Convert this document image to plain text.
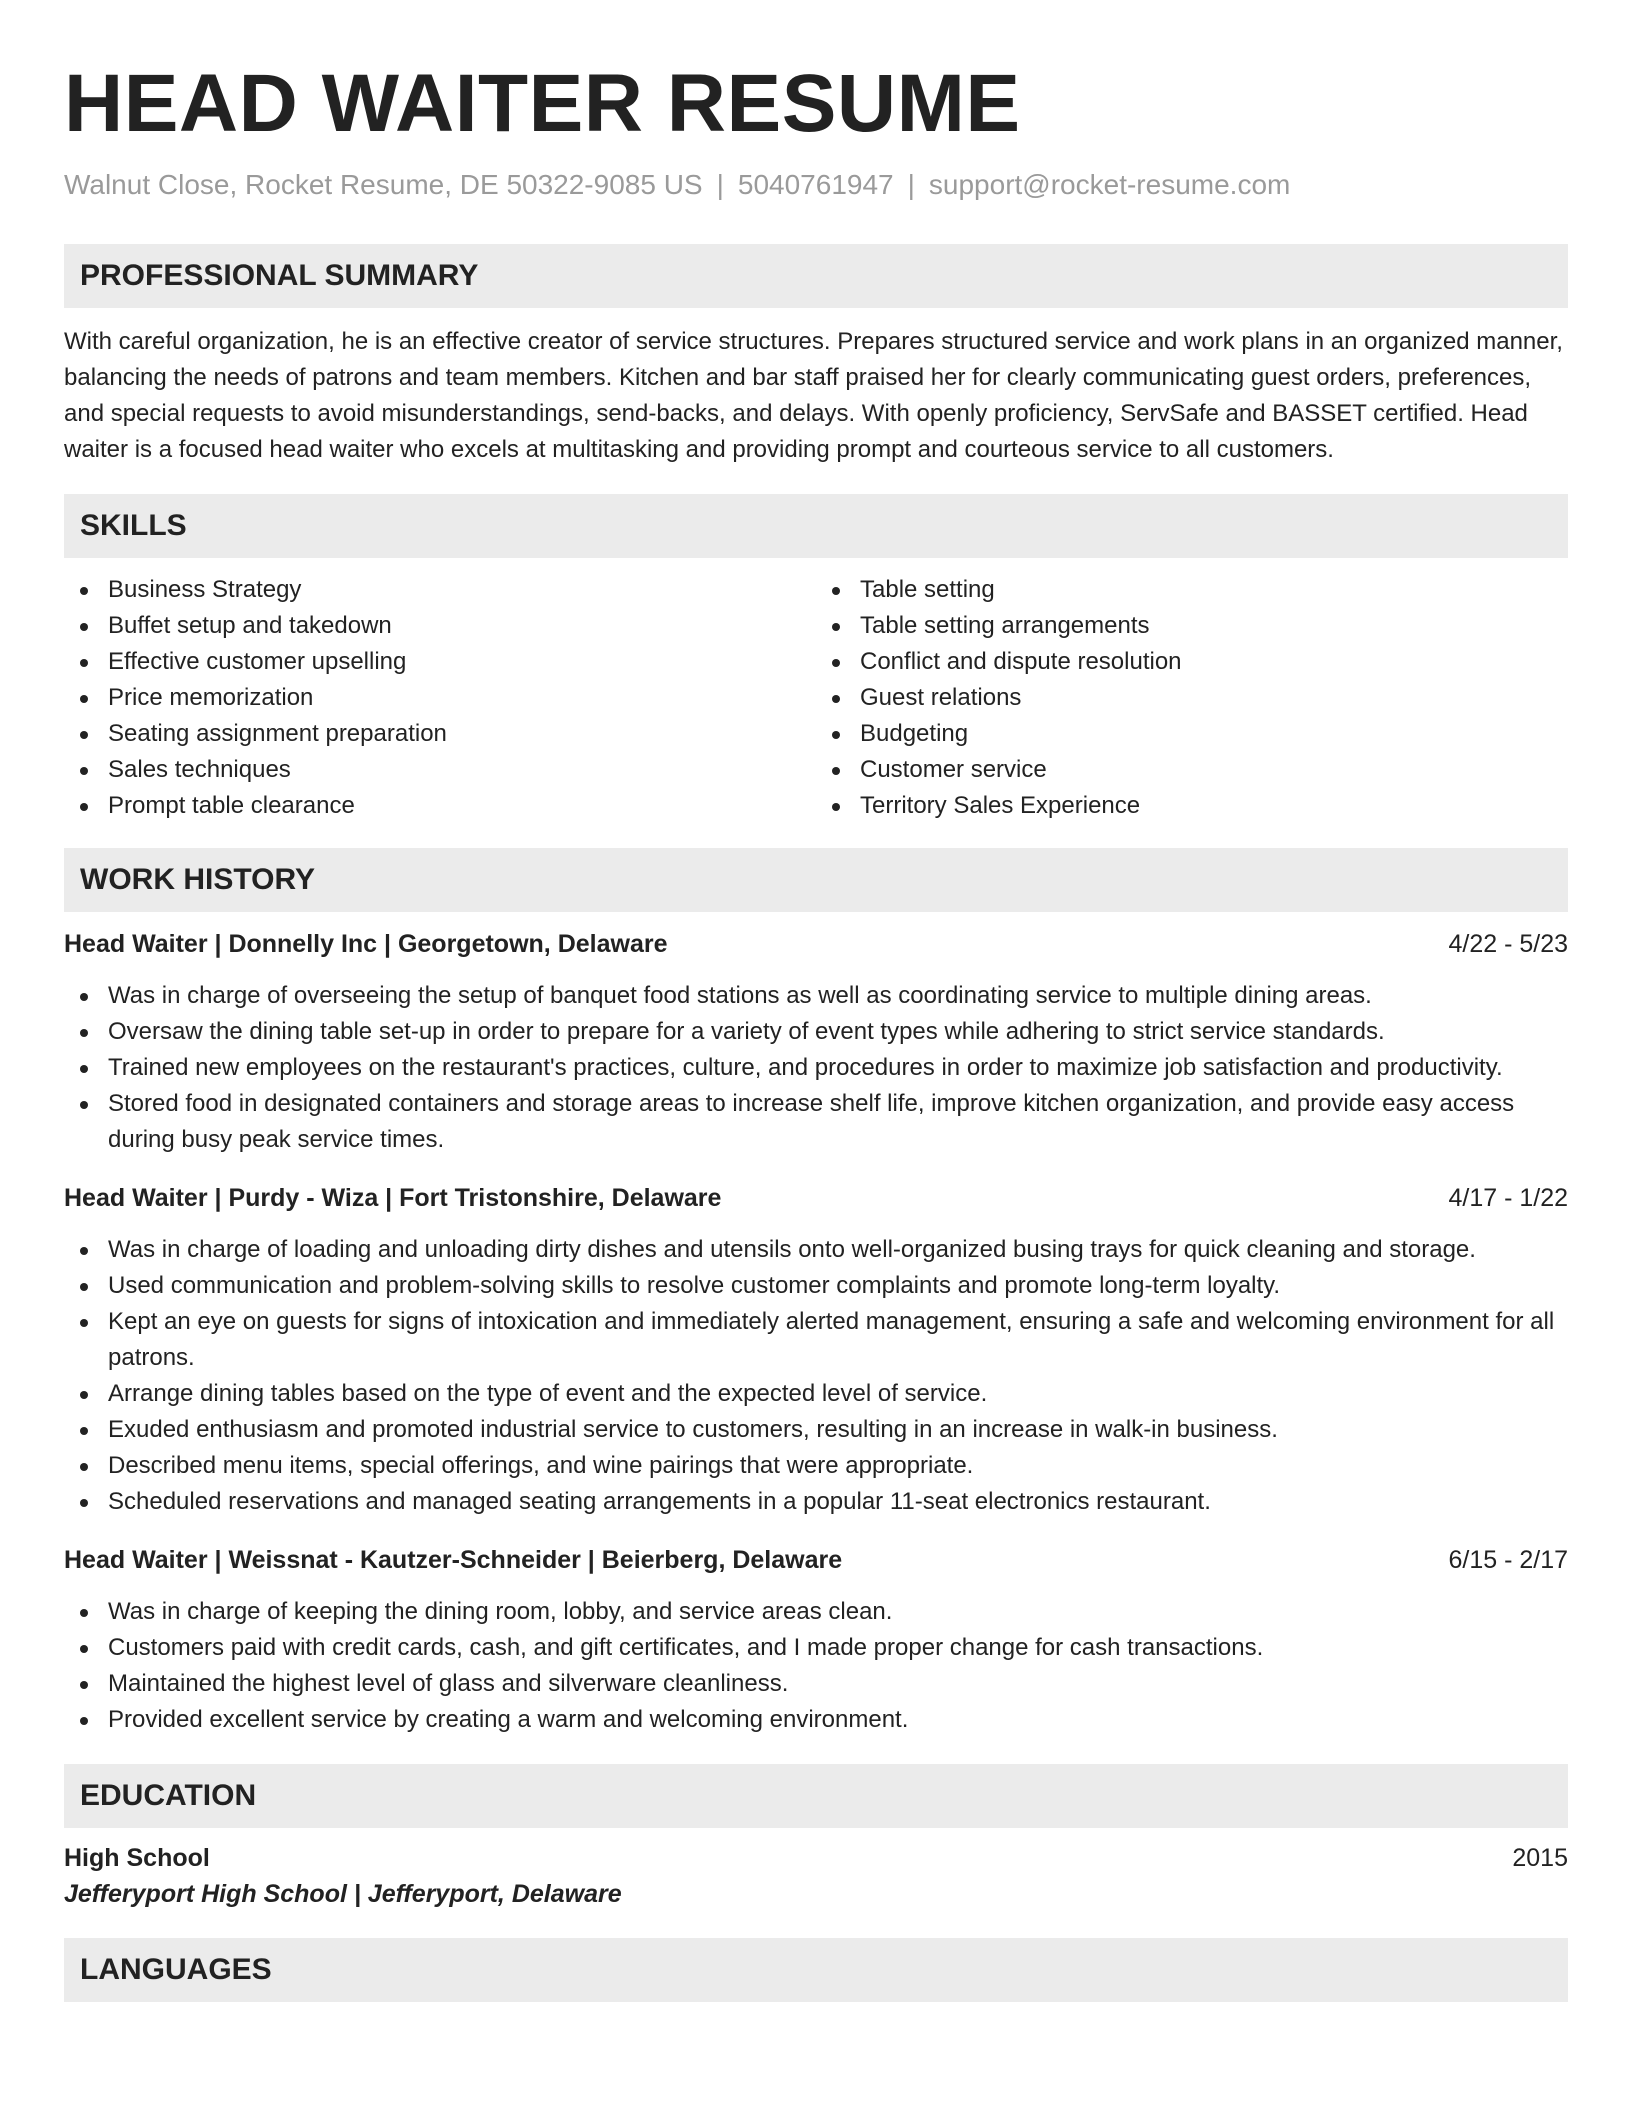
HEAD WAITER RESUME
Walnut Close, Rocket Resume, DE 50322-9085 US | 5040761947 | support@rocket-resume.com
PROFESSIONAL SUMMARY

With careful organization, he is an effective creator of service structures. Prepares structured service and work plans in an organized manner, balancing the needs of patrons and team members. Kitchen and bar staff praised her for clearly communicating guest orders, preferences, and special requests to avoid misunderstandings, send-backs, and delays. With openly proficiency, ServSafe and BASSET certified. Head waiter is a focused head waiter who excels at multitasking and providing prompt and courteous service to all customers.

SKILLS
Business Strategy
Buffet setup and takedown
Effective customer upselling
Price memorization
Seating assignment preparation
Sales techniques
Prompt table clearance
Table setting
Table setting arrangements
Conflict and dispute resolution
Guest relations
Budgeting
Customer service
Territory Sales Experience
WORK HISTORY
Head Waiter | Donnelly Inc | Georgetown, Delaware	4/22 - 5/23
Was in charge of overseeing the setup of banquet food stations as well as coordinating service to multiple dining areas.
Oversaw the dining table set-up in order to prepare for a variety of event types while adhering to strict service standards.
Trained new employees on the restaurant's practices, culture, and procedures in order to maximize job satisfaction and productivity.
Stored food in designated containers and storage areas to increase shelf life, improve kitchen organization, and provide easy access during busy peak service times.
Head Waiter | Purdy - Wiza | Fort Tristonshire, Delaware	4/17 - 1/22
Was in charge of loading and unloading dirty dishes and utensils onto well-organized busing trays for quick cleaning and storage.
Used communication and problem-solving skills to resolve customer complaints and promote long-term loyalty.
Kept an eye on guests for signs of intoxication and immediately alerted management, ensuring a safe and welcoming environment for all patrons.
Arrange dining tables based on the type of event and the expected level of service.
Exuded enthusiasm and promoted industrial service to customers, resulting in an increase in walk-in business.
Described menu items, special offerings, and wine pairings that were appropriate.
Scheduled reservations and managed seating arrangements in a popular 11-seat electronics restaurant.
Head Waiter | Weissnat - Kautzer-Schneider | Beierberg, Delaware	6/15 - 2/17
Was in charge of keeping the dining room, lobby, and service areas clean.
Customers paid with credit cards, cash, and gift certificates, and I made proper change for cash transactions.
Maintained the highest level of glass and silverware cleanliness.
Provided excellent service by creating a warm and welcoming environment.
EDUCATION
High School	2015
Jefferyport High School | Jefferyport, Delaware
LANGUAGES
